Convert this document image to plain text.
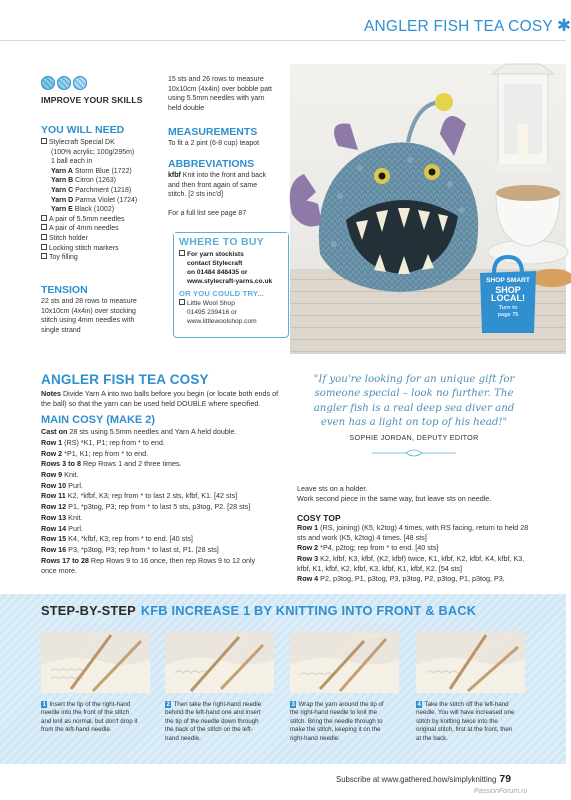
ANGLER FISH TEA COSY ✱
IMPROVE YOUR SKILLS
YOU WILL NEED
Stylecraft Special DK
(100% acrylic; 100g/295m)
1 ball each in
Yarn A Storm Blue (1722)
Yarn B Citron (1263)
Yarn C Parchment (1218)
Yarn D Parma Violet (1724)
Yarn E Black (1002)
A pair of 5.5mm needles
A pair of 4mm needles
Stitch holder
Locking stitch markers
Toy filling
TENSION
22 sts and 28 rows to measure
10x10cm (4x4in) over stocking
stitch using 4mm needles with
single strand
15 sts and 26 rows to measure
10x10cm (4x4in) over bobble patt
using 5.5mm needles with yarn
held double
MEASUREMENTS
To fit a 2 pint (6-8 cup) teapot
ABBREVIATIONS
kfbf Knit into the front and back
and then front again of same
stitch. [2 sts inc'd]
For a full list see page 87
WHERE TO BUY
For yarn stockists
contact Stylecraft
on 01484 848435 or
www.stylecraft-yarns.co.uk
OR YOU COULD TRY...
Little Wool Shop
01495 239416 or
www.littlewoolshop.com
SHOP SMART
SHOP
LOCAL!
Turn to
page 75
ANGLER FISH TEA COSY
Notes Divide Yarn A into two balls before you begin (or locate both ends of the ball) so that the yarn can be used held DOUBLE where specified.
MAIN COSY (MAKE 2)
Cast on 28 sts using 5.5mm needles and Yarn A held double.
Row 1 (RS) *K1, P1; rep from * to end.
Row 2 *P1, K1; rep from * to end.
Rows 3 to 8 Rep Rows 1 and 2 three times.
Row 9 Knit.
Row 10 Purl.
Row 11 K2, *kfbf, K3; rep from * to last 2 sts, kfbf, K1. [42 sts]
Row 12 P1, *p3tog, P3; rep from * to last 5 sts, p3tog, P2. [28 sts]
Row 13 Knit.
Row 14 Purl.
Row 15 K4, *kfbf, K3; rep from * to end. [40 sts]
Row 16 P3, *p3tog, P3; rep from * to last st, P1. [28 sts]
Rows 17 to 28 Rep Rows 9 to 16 once, then rep Rows 9 to 12 only
once more.
"If you're looking for an unique gift for someone special – look no further. The angler fish is a real deep sea diver and even has a light on top of his head!"
SOPHIE JORDAN, DEPUTY EDITOR
Leave sts on a holder.
Work second piece in the same way, but leave sts on needle.
COSY TOP
Row 1 (RS, joining) (K5, k2tog) 4 times, with RS facing, return to held 28 sts and work (K5, k2tog) 4 times. [48 sts]
Row 2 *P4, p2tog; rep from * to end. [40 sts]
Row 3 K2, kfbf, K3, kfbf, (K2, kfbf) twice, K1, kfbf, K2, kfbf, K4, kfbf, K3, kfbf, K1, kfbf, K2, kfbf, K3, kfbf, K1, kfbf, K2. [54 sts]
Row 4 P2, p3tog, P1, p3tog, P3, p3tog, P2, p3tog, P1, p3tog, P3,
STEP-BY-STEP KFB INCREASE 1 BY KNITTING INTO FRONT & BACK
1 Insert the tip of the right-hand needle into the front of the stitch and knit as normal, but don't drop it from the left-hand needle.
2 Then take the right-hand needle behind the left-hand one and insert the tip of the needle down through the back of the stitch on the left-hand needle.
3 Wrap the yarn around the tip of the right-hand needle to knit the stitch. Bring the needle through to make the stitch, keeping it on the right-hand needle.
4 Take the stitch off the left-hand needle. You will have increased one stitch by knitting twice into the original stitch, first at the front, then at the back.
Subscribe at www.gathered.how/simplyknitting 79
PassionForum.ru
